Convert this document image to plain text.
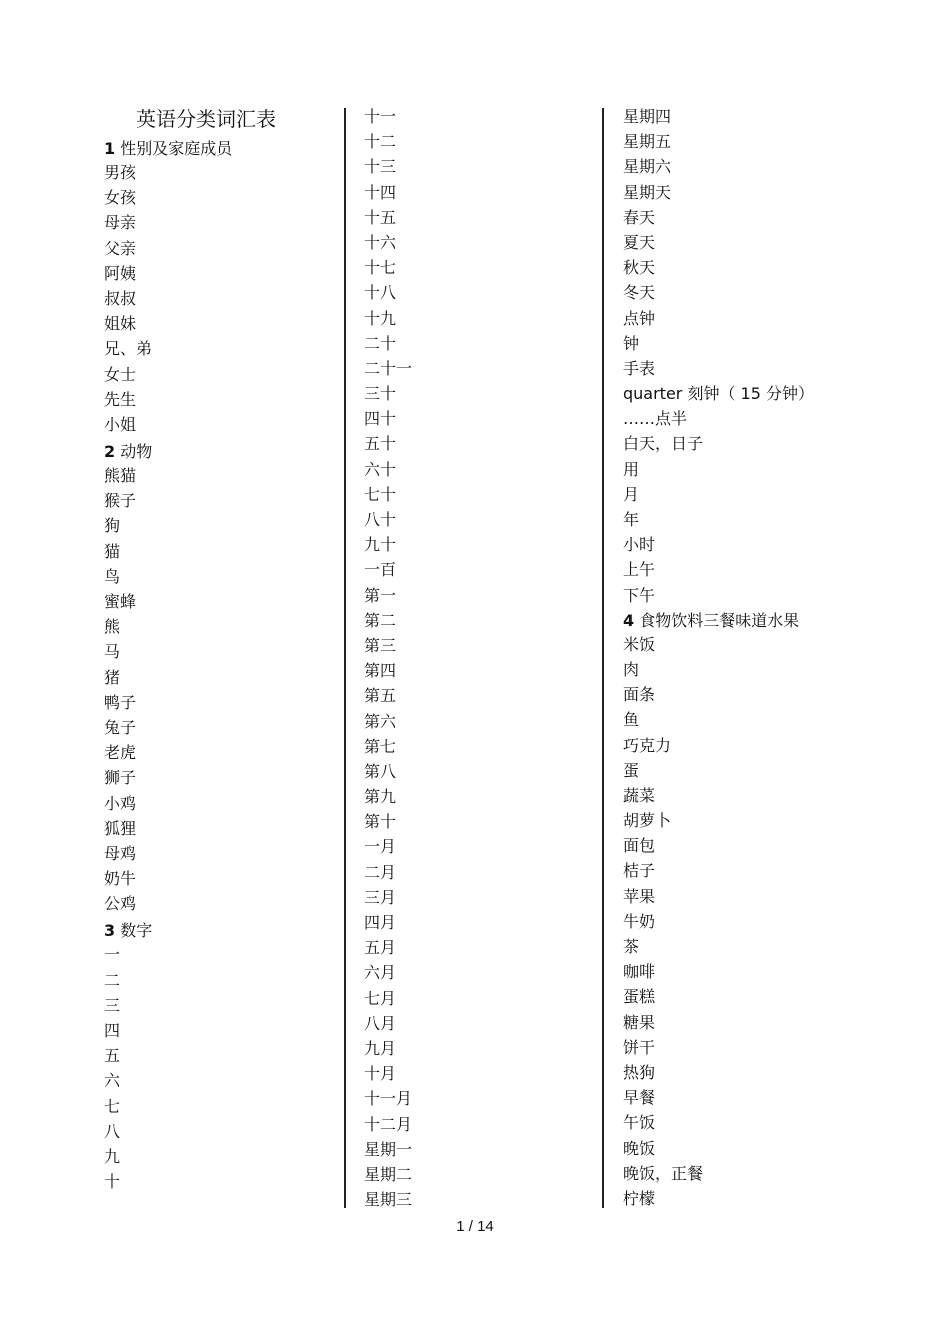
英语分类词汇表
1 性别及家庭成员
男孩
女孩
母亲
父亲
阿姨
叔叔
姐妹
兄、弟
女士
先生
小姐
2 动物
熊猫
猴子
狗
猫
鸟
蜜蜂
熊
马
猪
鸭子
兔子
老虎
狮子
小鸡
狐狸
母鸡
奶牛
公鸡
3 数字
一
二
三
四
五
六
七
八
九
十
十一
十二
十三
十四
十五
十六
十七
十八
十九
二十
二十一
三十
四十
五十
六十
七十
八十
九十
一百
第一
第二
第三
第四
第五
第六
第七
第八
第九
第十
一月
二月
三月
四月
五月
六月
七月
八月
九月
十月
十一月
十二月
星期一
星期二
星期三
星期四
星期五
星期六
星期天
春天
夏天
秋天
冬天
点钟
钟
手表
quarter 刻钟（ 15 分钟）
……点半
白天，日子
用
月
年
小时
上午
下午
4 食物饮料三餐味道水果
米饭
肉
面条
鱼
巧克力
蛋
蔬菜
胡萝卜
面包
桔子
苹果
牛奶
茶
咖啡
蛋糕
糖果
饼干
热狗
早餐
午饭
晚饭
晚饭，正餐
柠檬
1 / 14
